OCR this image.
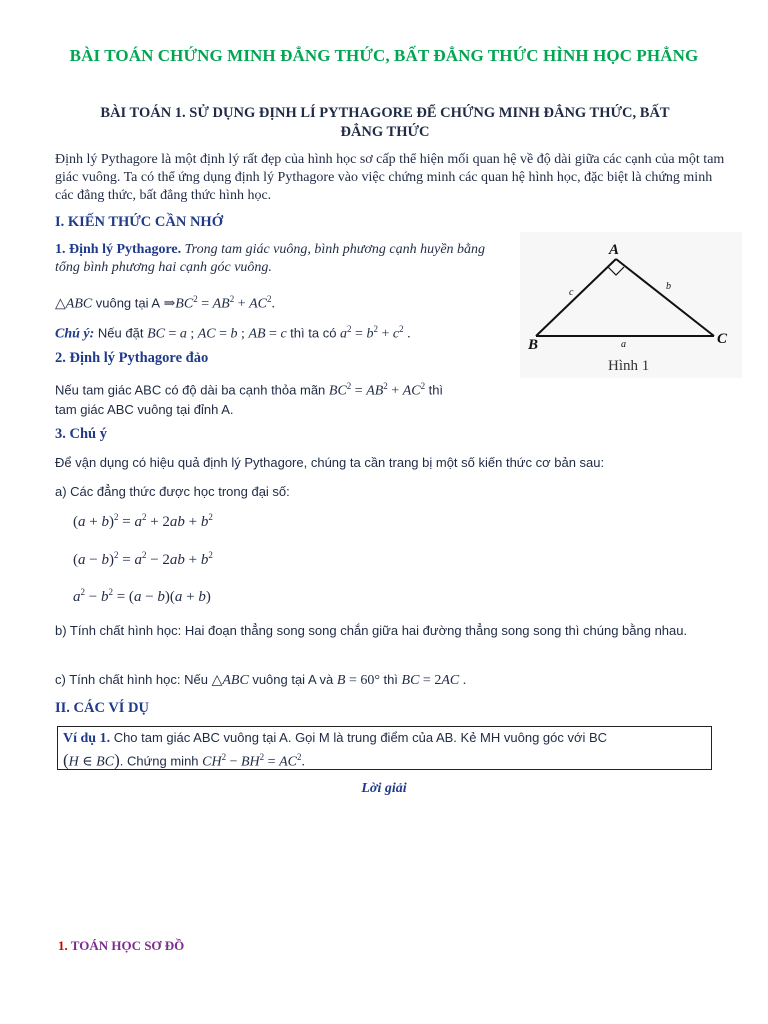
BÀI TOÁN CHỨNG MINH ĐẲNG THỨC, BẤT ĐẲNG THỨC HÌNH HỌC PHẲNG
BÀI TOÁN 1. SỬ DỤNG ĐỊNH LÍ PYTHAGORE ĐỂ CHỨNG MINH ĐẲNG THỨC, BẤT
ĐẲNG THỨC
Định lý Pythagore là một định lý rất đẹp của hình học sơ cấp thể hiện mối quan hệ về độ dài giữa các cạnh của một tam giác vuông. Ta có thể ứng dụng định lý Pythagore vào việc chứng minh các quan hệ hình học, đặc biệt là chứng minh các đẳng thức, bất đẳng thức hình học.
I. KIẾN THỨC CẦN NHỚ
1. Định lý Pythagore. Trong tam giác vuông, bình phương cạnh huyền bằng tổng bình phương hai cạnh góc vuông.
△ABC vuông tại A $\Rightarrow BC^2 = AB^2 + AC^2$.
Chú ý: Nếu đặt BC = a ; AC = b ; AB = c thì ta có $a^2 = b^2 + c^2$ .
A
B	C
c
b
a
Hình 1
2. Định lý Pythagore đảo
Nếu tam giác ABC có độ dài ba cạnh thỏa mãn $BC^2 = AB^2 + AC^2$ thì
tam giác ABC vuông tại đỉnh A.
3. Chú ý
Để vận dụng có hiệu quả định lý Pythagore, chúng ta cần trang bị một số kiến thức cơ bản sau:
a) Các đẳng thức được học trong đại số:
$(a + b)^2 = a^2 + 2ab + b^2$
$(a - b)^2 = a^2 - 2ab + b^2$
$a^2 - b^2 = (a - b)(a + b)$
b) Tính chất hình học: Hai đoạn thẳng song song chắn giữa hai đường thẳng song song thì chúng bằng nhau.
c) Tính chất hình học: Nếu △ABC vuông tại A và B = 60° thì BC = 2AC .
II. CÁC VÍ DỤ
Ví dụ 1. Cho tam giác ABC vuông tại A. Gọi M là trung điểm của AB. Kẻ MH vuông góc với BC
(H ∈ BC). Chứng minh $CH^2 - BH^2 = AC^2$.
Lời giải
1. TOÁN HỌC SƠ ĐỒ
